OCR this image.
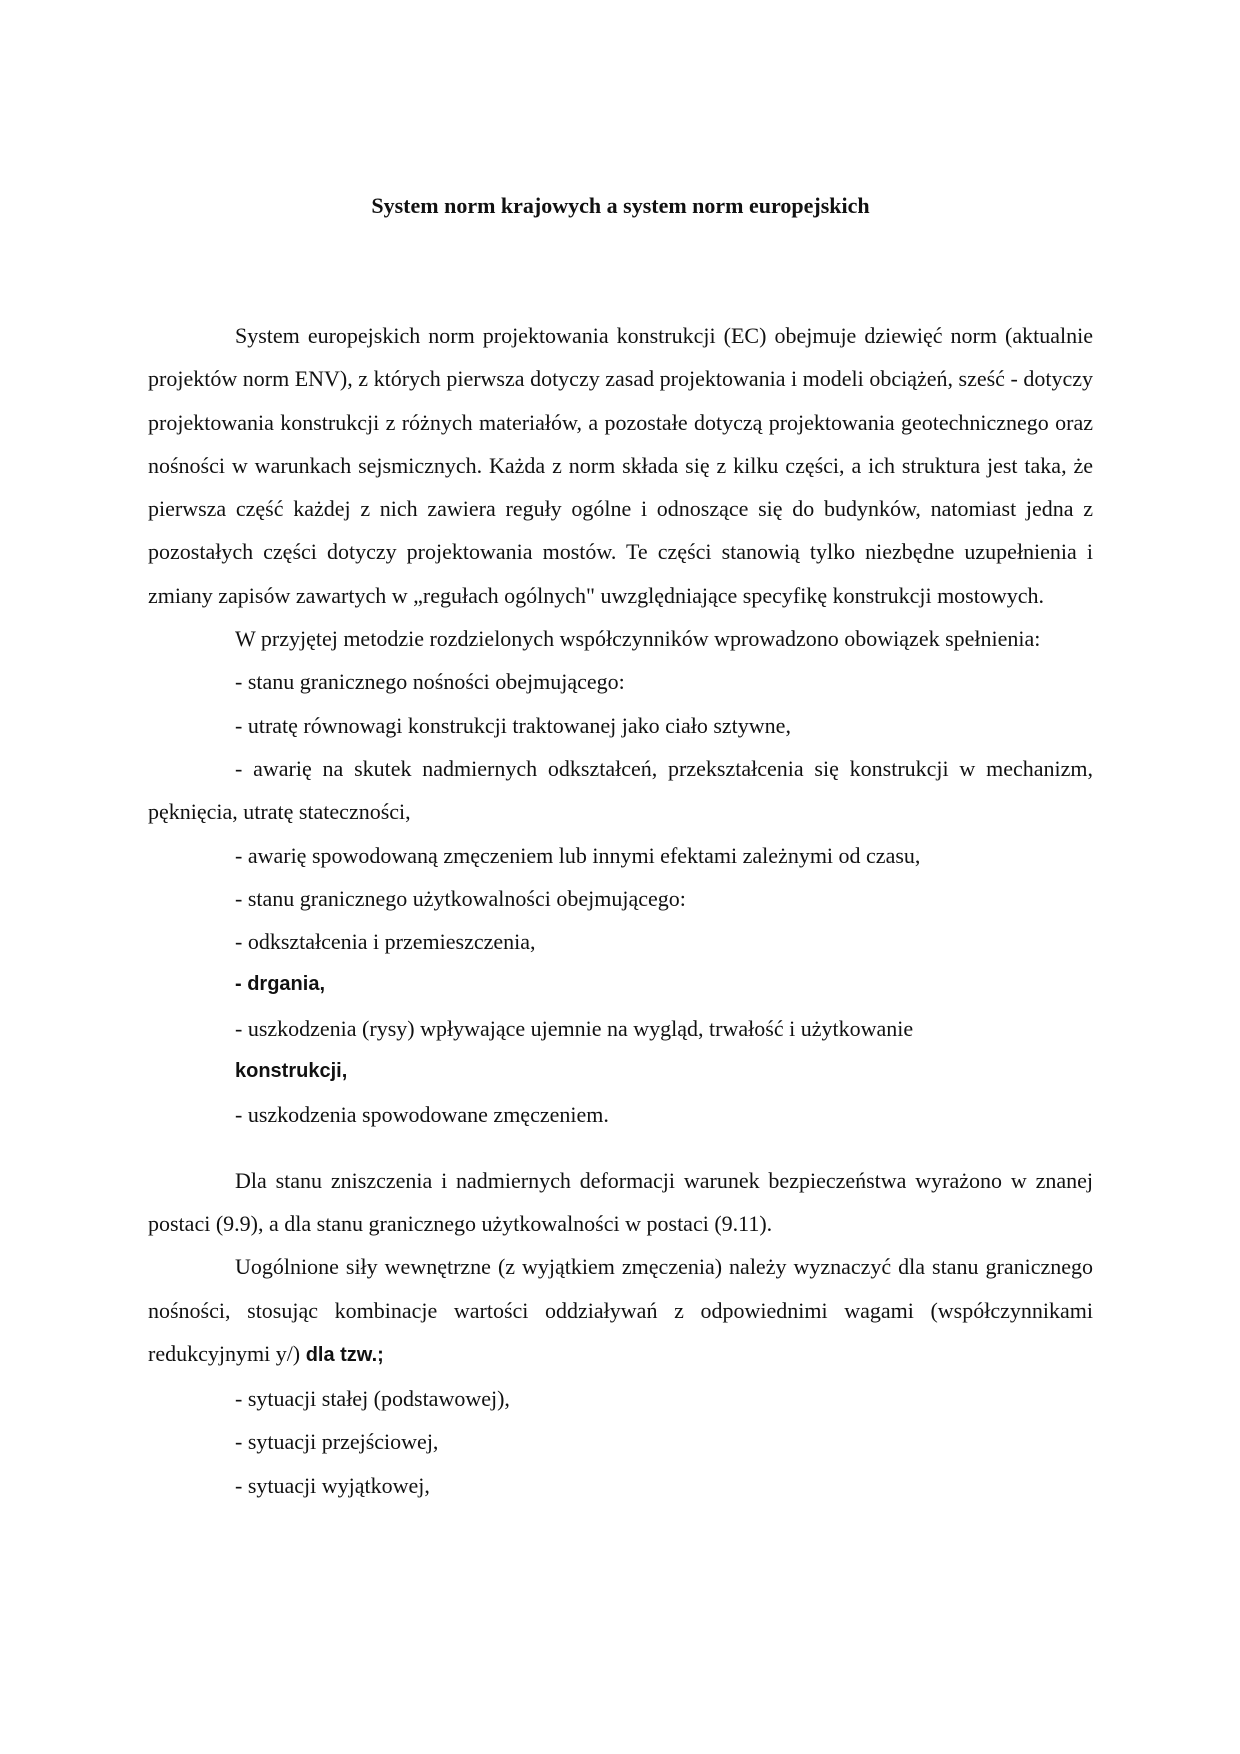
System norm krajowych a system norm europejskich

System europejskich norm projektowania konstrukcji (EC) obejmuje dziewięć norm (aktualnie projektów norm ENV), z których pierwsza dotyczy zasad projektowania i modeli obciążeń, sześć - dotyczy projektowania konstrukcji z różnych materiałów, a pozostałe dotyczą projektowania geotechnicznego oraz nośności w warunkach sejsmicznych. Każda z norm składa się z kilku części, a ich struktura jest taka, że pierwsza część każdej z nich zawiera reguły ogólne i odnoszące się do budynków, natomiast jedna z pozostałych części dotyczy projektowania mostów. Te części stanowią tylko niezbędne uzupełnienia i zmiany zapisów zawartych w „regułach ogólnych" uwzględniające specyfikę konstrukcji mostowych.

W przyjętej metodzie rozdzielonych współczynników wprowadzono obowiązek spełnienia:

- stanu granicznego nośności obejmującego:

- utratę równowagi konstrukcji traktowanej jako ciało sztywne,

- awarię na skutek nadmiernych odkształceń, przekształcenia się konstrukcji w mechanizm, pęknięcia, utratę stateczności,

- awarię spowodowaną zmęczeniem lub innymi efektami zależnymi od czasu,

- stanu granicznego użytkowalności obejmującego:

- odkształcenia i przemieszczenia,

- drgania,

- uszkodzenia (rysy) wpływające ujemnie na wygląd, trwałość i użytkowanie

konstrukcji,

- uszkodzenia spowodowane zmęczeniem.

Dla stanu zniszczenia i nadmiernych deformacji warunek bezpieczeństwa wyrażono w znanej postaci (9.9), a dla stanu granicznego użytkowalności w postaci (9.11).

Uogólnione siły wewnętrzne (z wyjątkiem zmęczenia) należy wyznaczyć dla stanu granicznego nośności, stosując kombinacje wartości oddziaływań z odpowiednimi wagami (współczynnikami redukcyjnymi y/) dla tzw.;

- sytuacji stałej (podstawowej),

- sytuacji przejściowej,

- sytuacji wyjątkowej,
